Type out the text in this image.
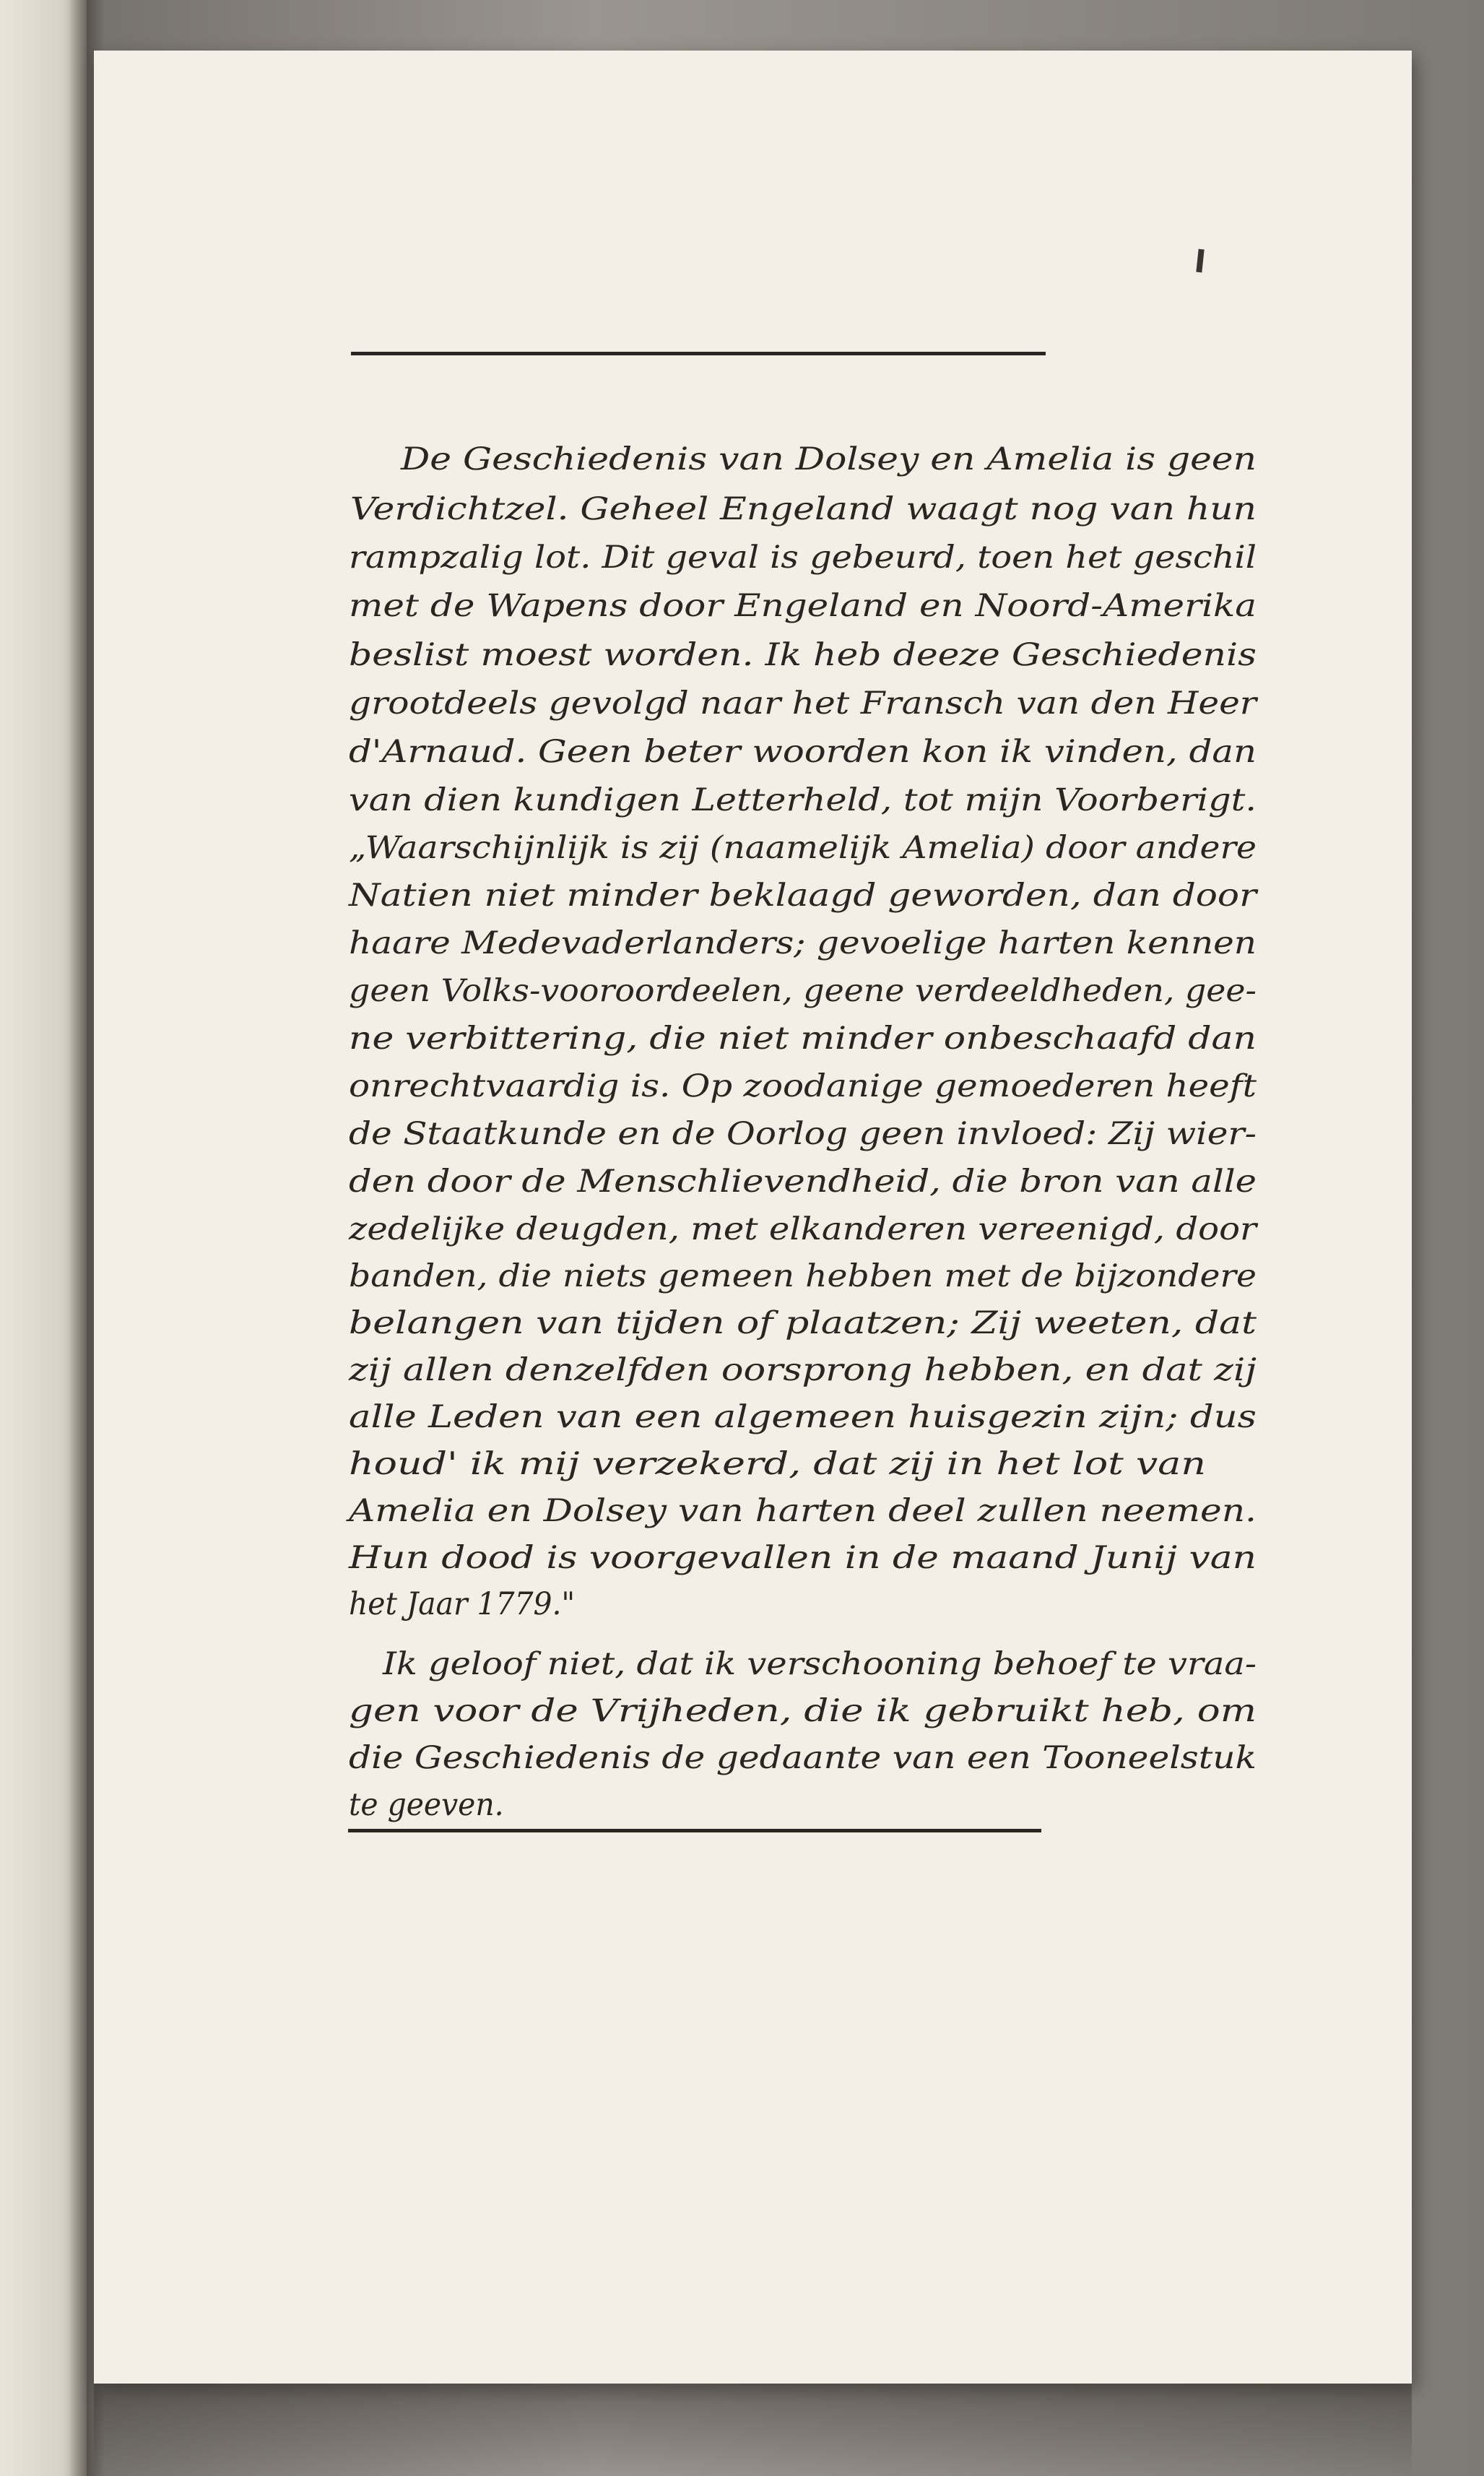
De Geschiedenis van Dolsey en Amelia is geen
Verdichtzel. Geheel Engeland waagt nog van hun
rampzalig lot. Dit geval is gebeurd, toen het geschil
met de Wapens door Engeland en Noord-Amerika
beslist moest worden. Ik heb deeze Geschiedenis
grootdeels gevolgd naar het Fransch van den Heer
d'Arnaud. Geen beter woorden kon ik vinden, dan
van dien kundigen Letterheld, tot mijn Voorberigt.
„Waarschijnlijk is zij (naamelijk Amelia) door andere
Natien niet minder beklaagd geworden, dan door
haare Medevaderlanders; gevoelige harten kennen
geen Volks-vooroordeelen, geene verdeeldheden, gee-
ne verbittering, die niet minder onbeschaafd dan
onrechtvaardig is. Op zoodanige gemoederen heeft
de Staatkunde en de Oorlog geen invloed: Zij wier-
den door de Menschlievendheid, die bron van alle
zedelijke deugden, met elkanderen vereenigd, door
banden, die niets gemeen hebben met de bijzondere
belangen van tijden of plaatzen; Zij weeten, dat
zij allen denzelfden oorsprong hebben, en dat zij
alle Leden van een algemeen huisgezin zijn; dus
houd' ik mij verzekerd, dat zij in het lot van
Amelia en Dolsey van harten deel zullen neemen.
Hun dood is voorgevallen in de maand Junij van
het Jaar 1779."
Ik geloof niet, dat ik verschooning behoef te vraa-
gen voor de Vrijheden, die ik gebruikt heb, om
die Geschiedenis de gedaante van een Tooneelstuk
te geeven.
